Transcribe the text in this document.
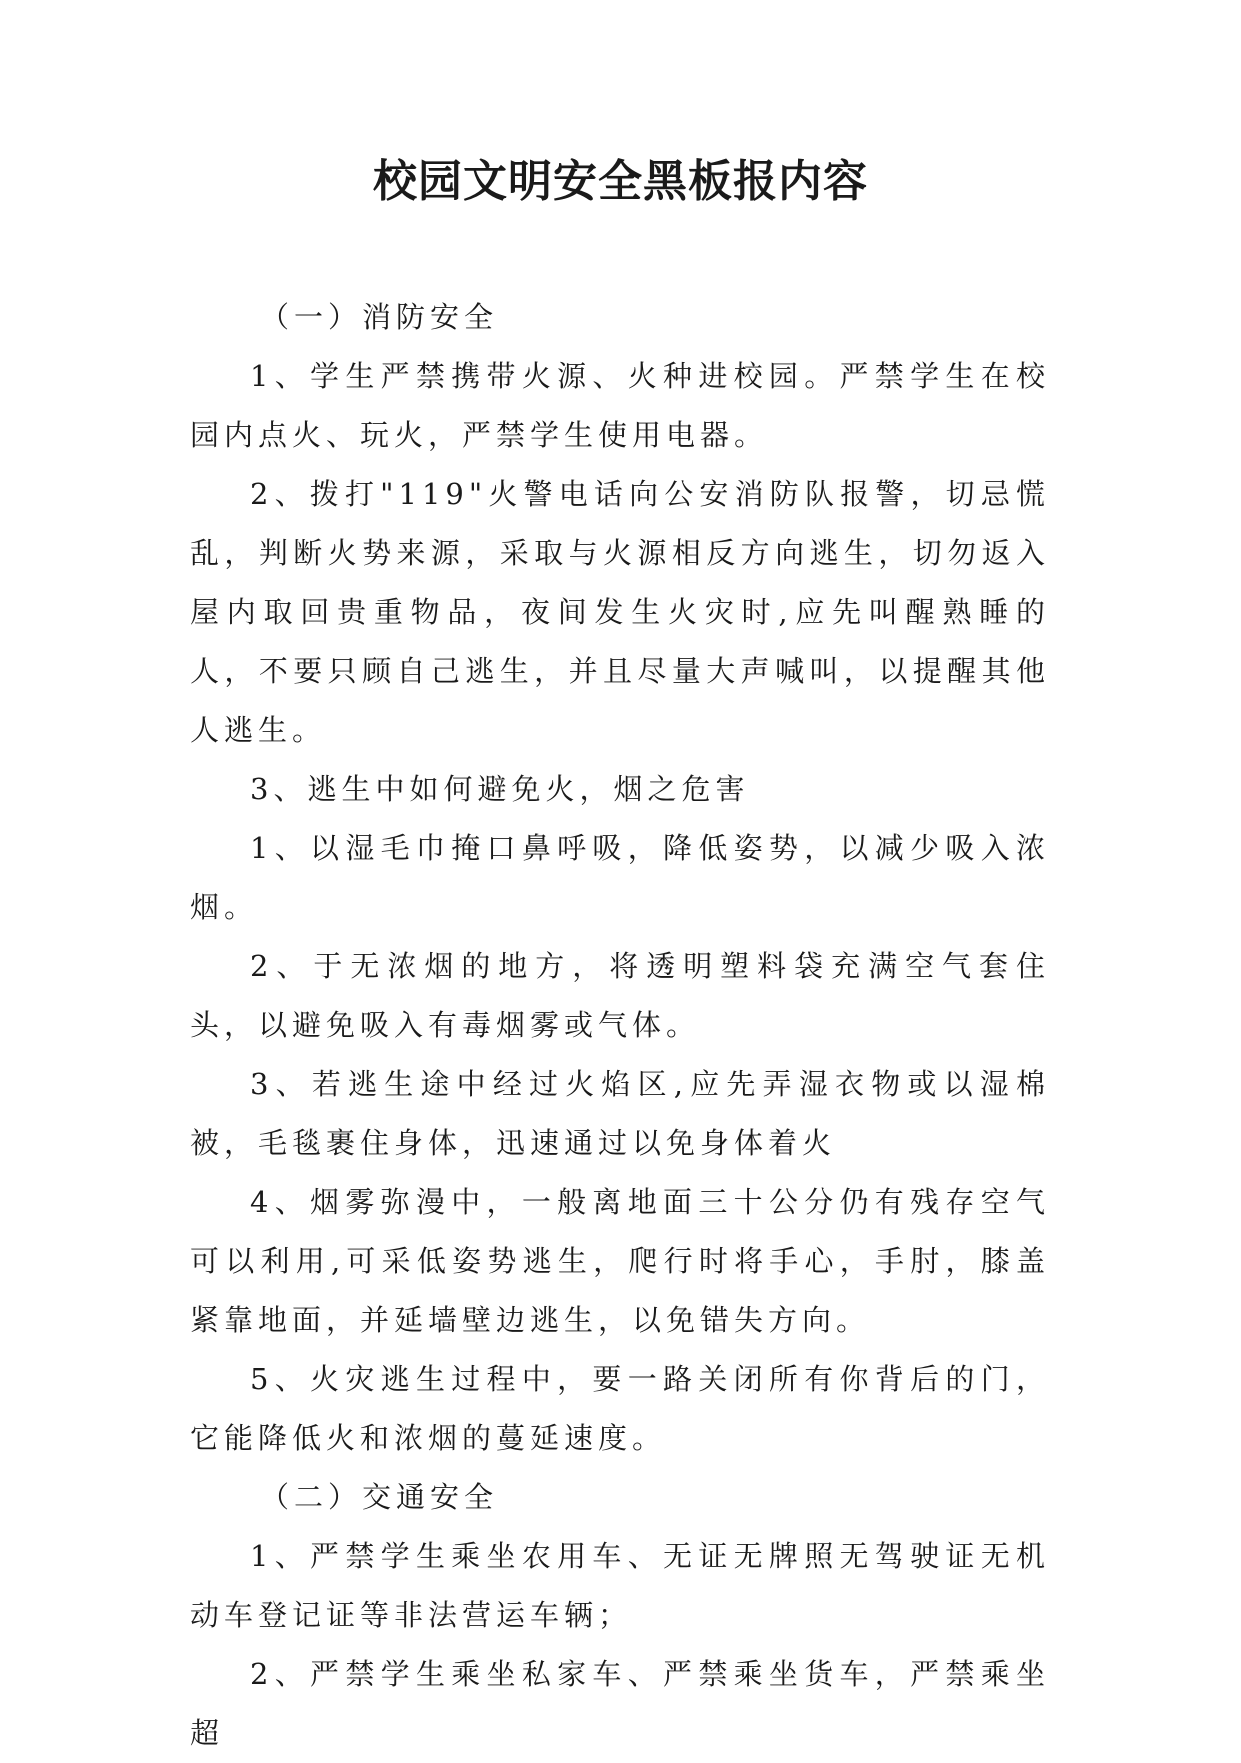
校园文明安全黑板报内容

（一）消防安全

1、学生严禁携带火源、火种进校园。严禁学生在校园内点火、玩火，严禁学生使用电器。

2、拨打"119"火警电话向公安消防队报警，切忌慌乱，判断火势来源，采取与火源相反方向逃生，切勿返入屋内取回贵重物品，夜间发生火灾时,应先叫醒熟睡的人，不要只顾自己逃生，并且尽量大声喊叫，以提醒其他人逃生。

3、逃生中如何避免火，烟之危害

1、以湿毛巾掩口鼻呼吸，降低姿势，以减少吸入浓烟。

2、于无浓烟的地方，将透明塑料袋充满空气套住头，以避免吸入有毒烟雾或气体。

3、若逃生途中经过火焰区,应先弄湿衣物或以湿棉被，毛毯裹住身体，迅速通过以免身体着火

4、烟雾弥漫中，一般离地面三十公分仍有残存空气可以利用,可采低姿势逃生，爬行时将手心，手肘，膝盖紧靠地面，并延墙壁边逃生，以免错失方向。

5、火灾逃生过程中，要一路关闭所有你背后的门，它能降低火和浓烟的蔓延速度。

（二）交通安全

1、严禁学生乘坐农用车、无证无牌照无驾驶证无机动车登记证等非法营运车辆；

2、严禁学生乘坐私家车、严禁乘坐货车，严禁乘坐超
